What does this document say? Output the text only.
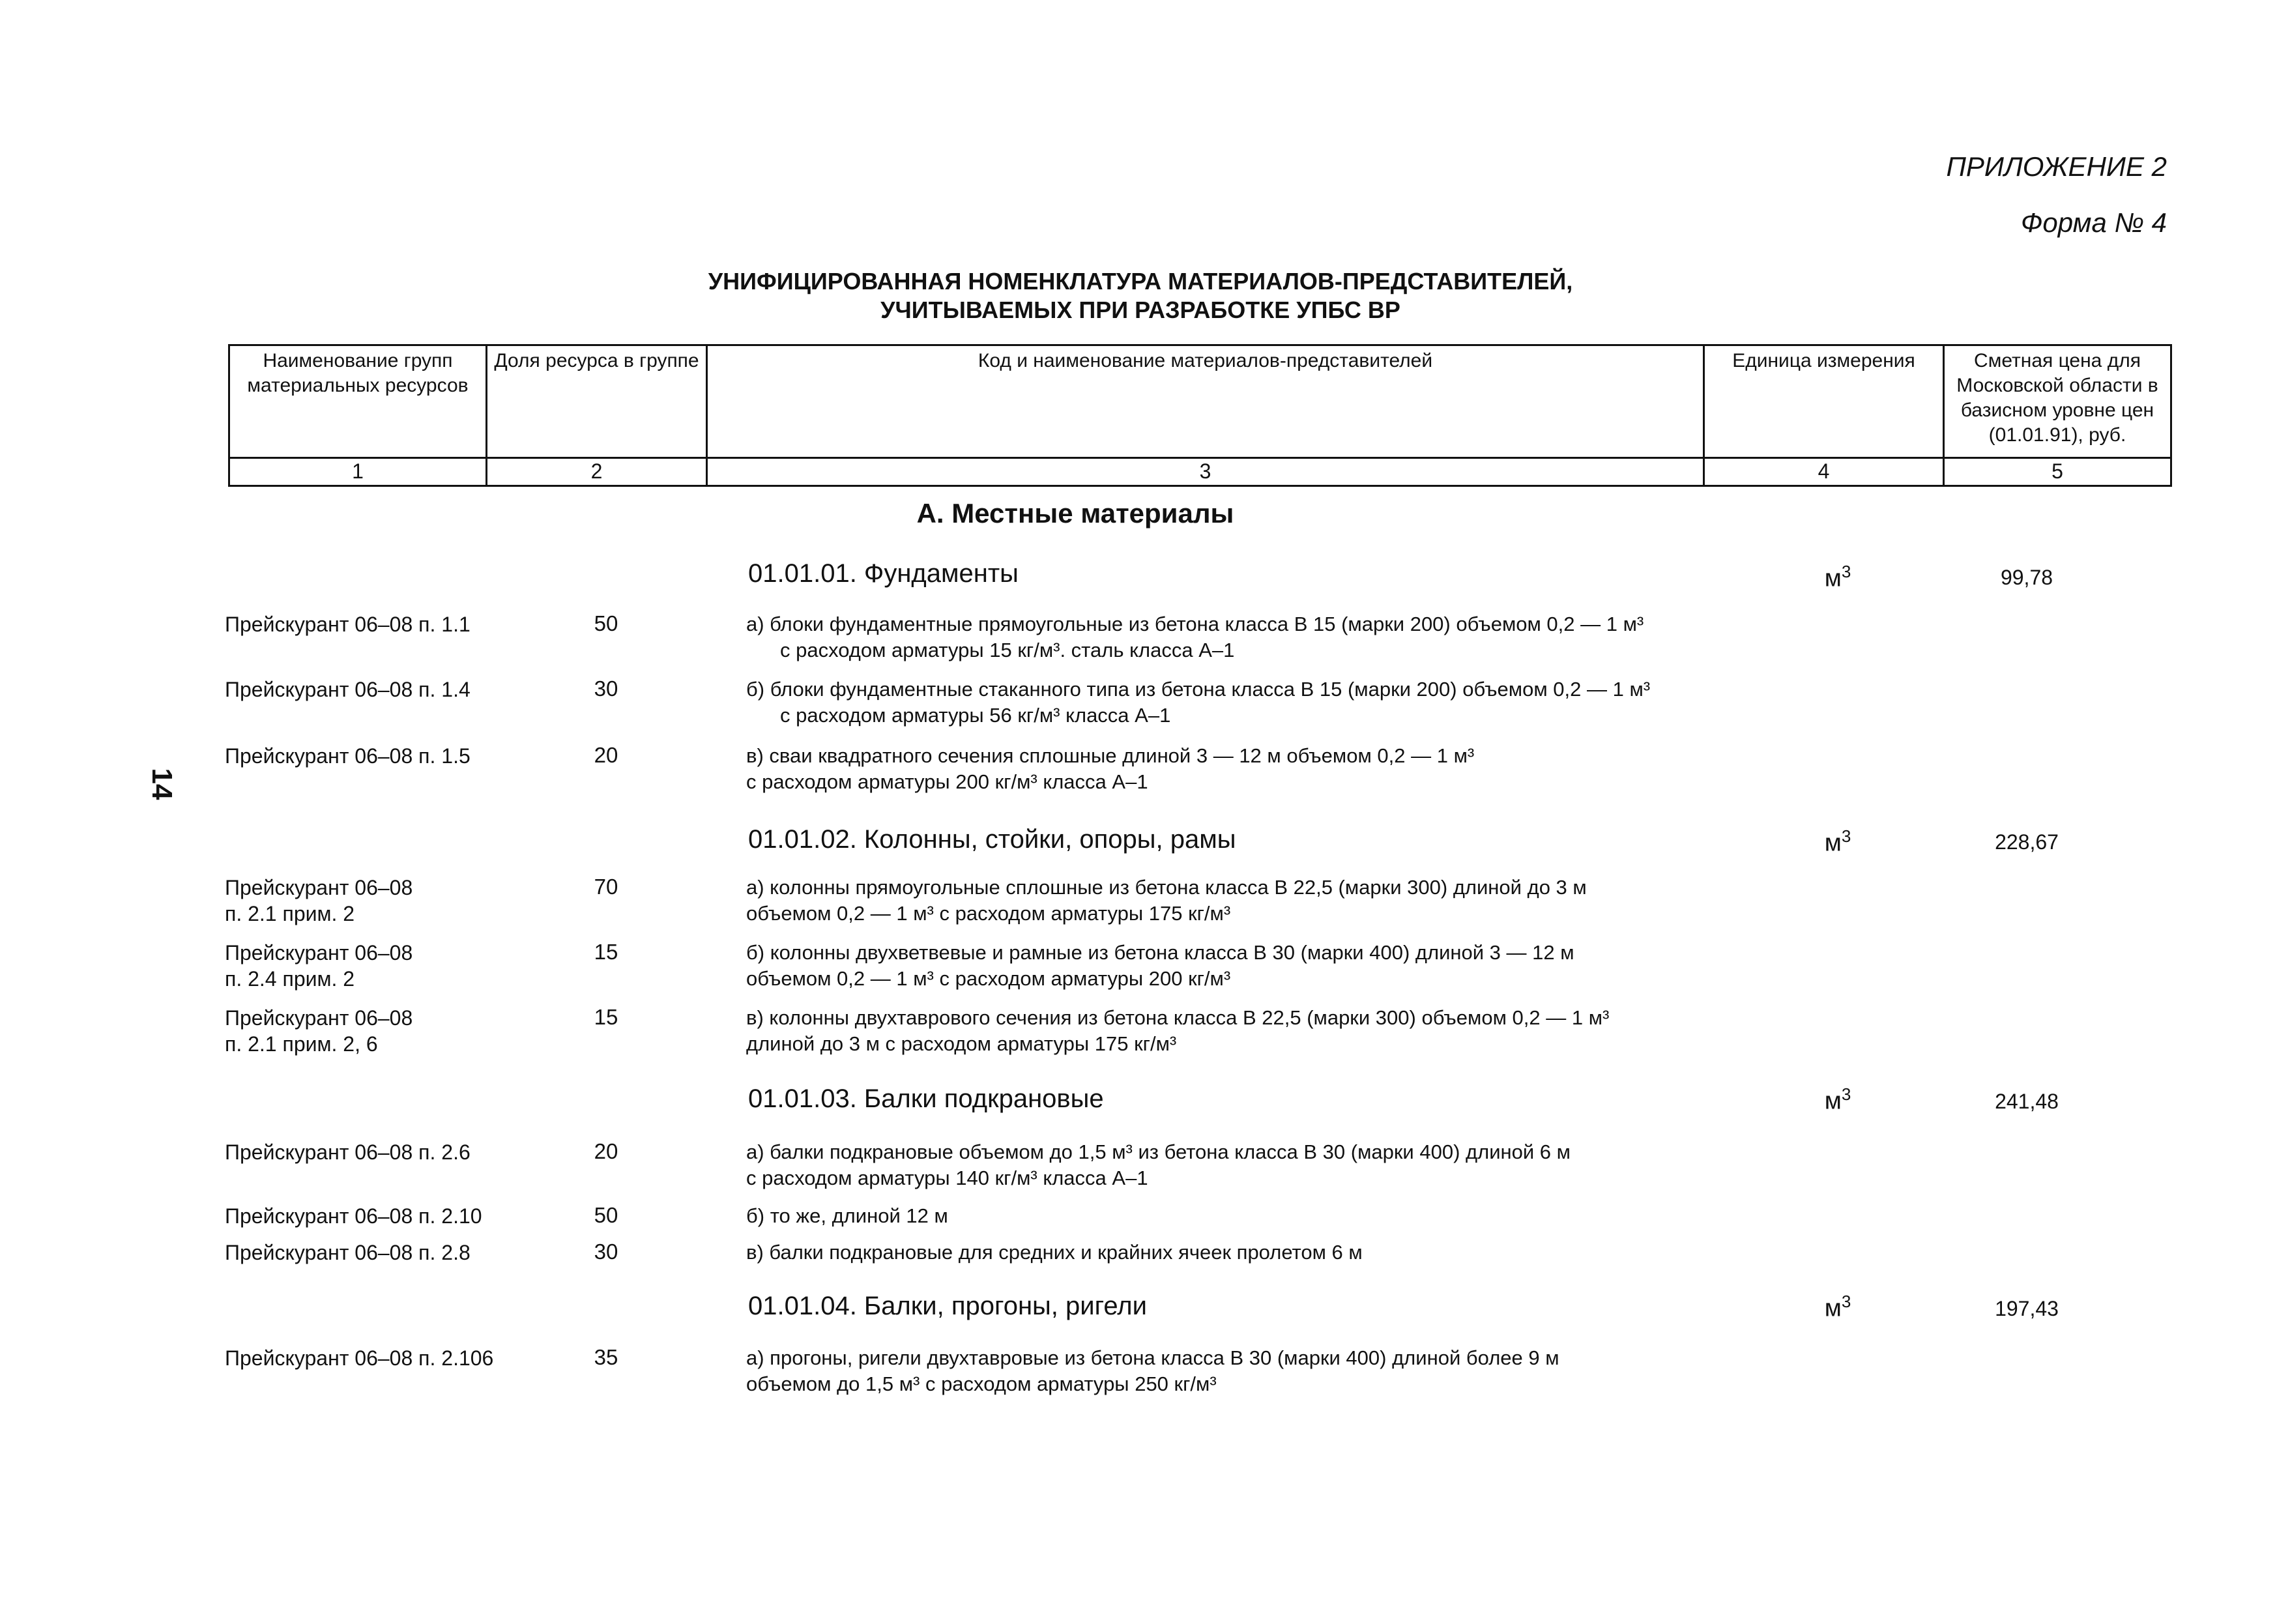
ПРИЛОЖЕНИЕ 2
Форма № 4
УНИФИЦИРОВАННАЯ НОМЕНКЛАТУРА МАТЕРИАЛОВ-ПРЕДСТАВИТЕЛЕЙ,
УЧИТЫВАЕМЫХ ПРИ РАЗРАБОТКЕ УПБС ВР
Наименование групп материальных ресурсов	Доля ресурса в группе	Код и наименование материалов-представителей	Единица измерения	Сметная цена для Московской области в базисном уровне цен (01.01.91), руб.
1	2	3	4	5
А. Местные материалы
14
01.01.01. Фундаменты	$м^3$	99,78
Прейскурант 06–08 п. 1.1	50	а) блоки фундаментные прямоугольные из бетона класса В 15 (марки 200) объемом 0,2 — 1 м³
с расходом арматуры 15 кг/м³. сталь класса А–1
Прейскурант 06–08 п. 1.4	30	б) блоки фундаментные стаканного типа из бетона класса В 15 (марки 200) объемом 0,2 — 1 м³
с расходом арматуры 56 кг/м³ класса А–1
Прейскурант 06–08 п. 1.5	20	в) сваи квадратного сечения сплошные длиной 3 — 12 м объемом 0,2 — 1 м³
с расходом арматуры 200 кг/м³ класса А–1
01.01.02. Колонны, стойки, опоры, рамы	$м^3$	228,67
Прейскурант 06–08
п. 2.1 прим. 2
70	а) колонны прямоугольные сплошные из бетона класса В 22,5 (марки 300) длиной до 3 м
объемом 0,2 — 1 м³ с расходом арматуры 175 кг/м³
Прейскурант 06–08
п. 2.4 прим. 2
15	б) колонны двухветвевые и рамные из бетона класса В 30 (марки 400) длиной 3 — 12 м
объемом 0,2 — 1 м³ с расходом арматуры 200 кг/м³
Прейскурант 06–08
п. 2.1 прим. 2, 6
15	в) колонны двухтаврового сечения из бетона класса В 22,5 (марки 300) объемом 0,2 — 1 м³
длиной до 3 м с расходом арматуры 175 кг/м³
01.01.03. Балки подкрановые	$м^3$	241,48
Прейскурант 06–08 п. 2.6	20	а) балки подкрановые объемом до 1,5 м³ из бетона класса В 30 (марки 400) длиной 6 м
с расходом арматуры 140 кг/м³ класса А–1
Прейскурант 06–08 п. 2.10	50	б) то же, длиной 12 м
Прейскурант 06–08 п. 2.8	30	в) балки подкрановые для средних и крайних ячеек пролетом 6 м
01.01.04. Балки, прогоны, ригели	$м^3$	197,43
Прейскурант 06–08 п. 2.106	35	а) прогоны, ригели двухтавровые из бетона класса В 30 (марки 400) длиной более 9 м
объемом до 1,5 м³ с расходом арматуры 250 кг/м³
